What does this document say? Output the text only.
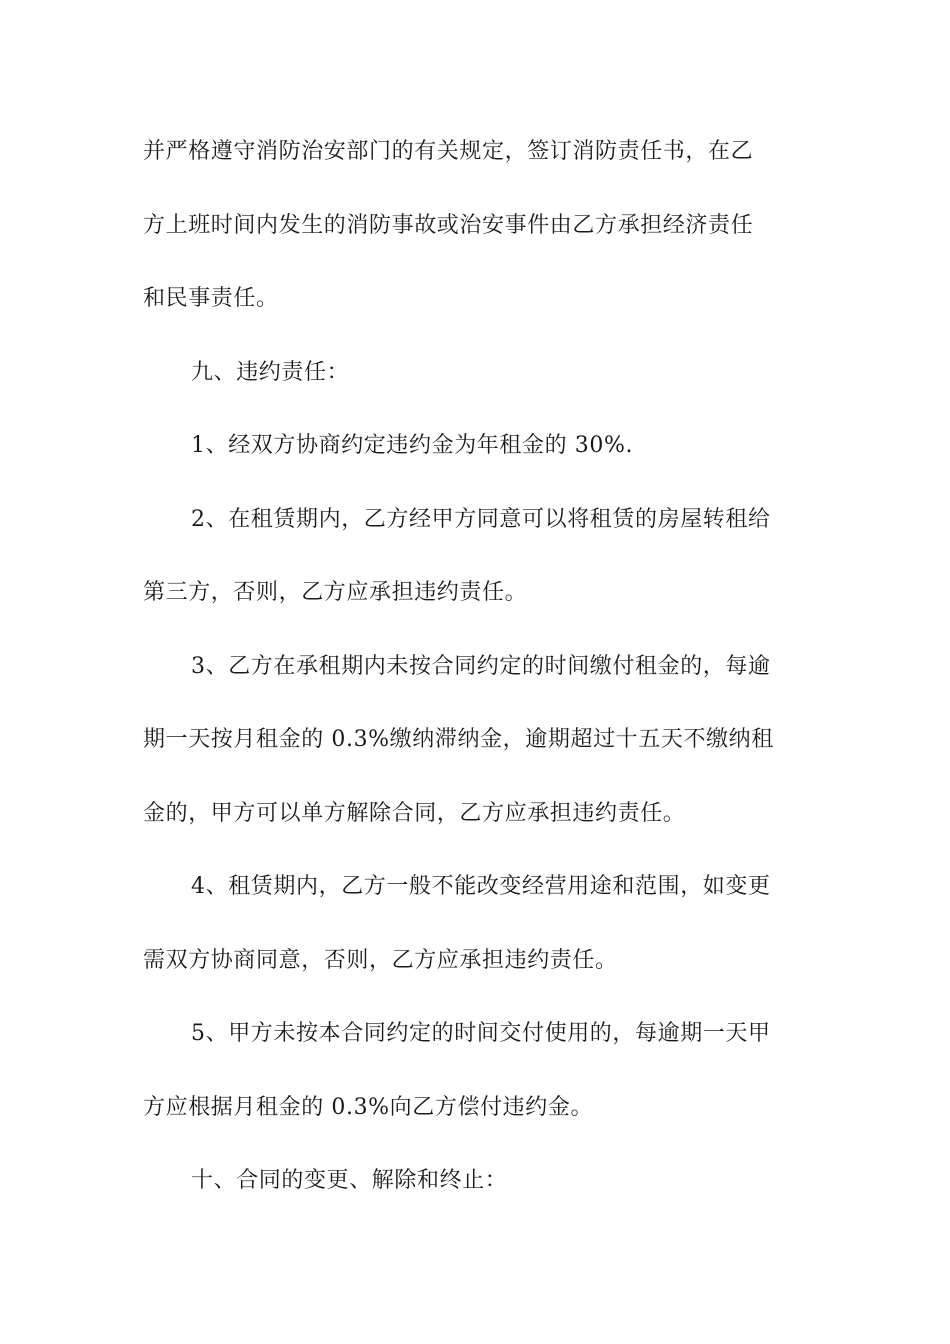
并严格遵守消防治安部门的有关规定，签订消防责任书，在乙
方上班时间内发生的消防事故或治安事件由乙方承担经济责任
和民事责任。
九、违约责任：
1、经双方协商约定违约金为年租金的 30%.
2、在租赁期内，乙方经甲方同意可以将租赁的房屋转租给
第三方，否则，乙方应承担违约责任。
3、乙方在承租期内未按合同约定的时间缴付租金的，每逾
期一天按月租金的 0.3%缴纳滞纳金，逾期超过十五天不缴纳租
金的，甲方可以单方解除合同，乙方应承担违约责任。
4、租赁期内，乙方一般不能改变经营用途和范围，如变更
需双方协商同意，否则，乙方应承担违约责任。
5、甲方未按本合同约定的时间交付使用的，每逾期一天甲
方应根据月租金的 0.3%向乙方偿付违约金。
十、合同的变更、解除和终止：
